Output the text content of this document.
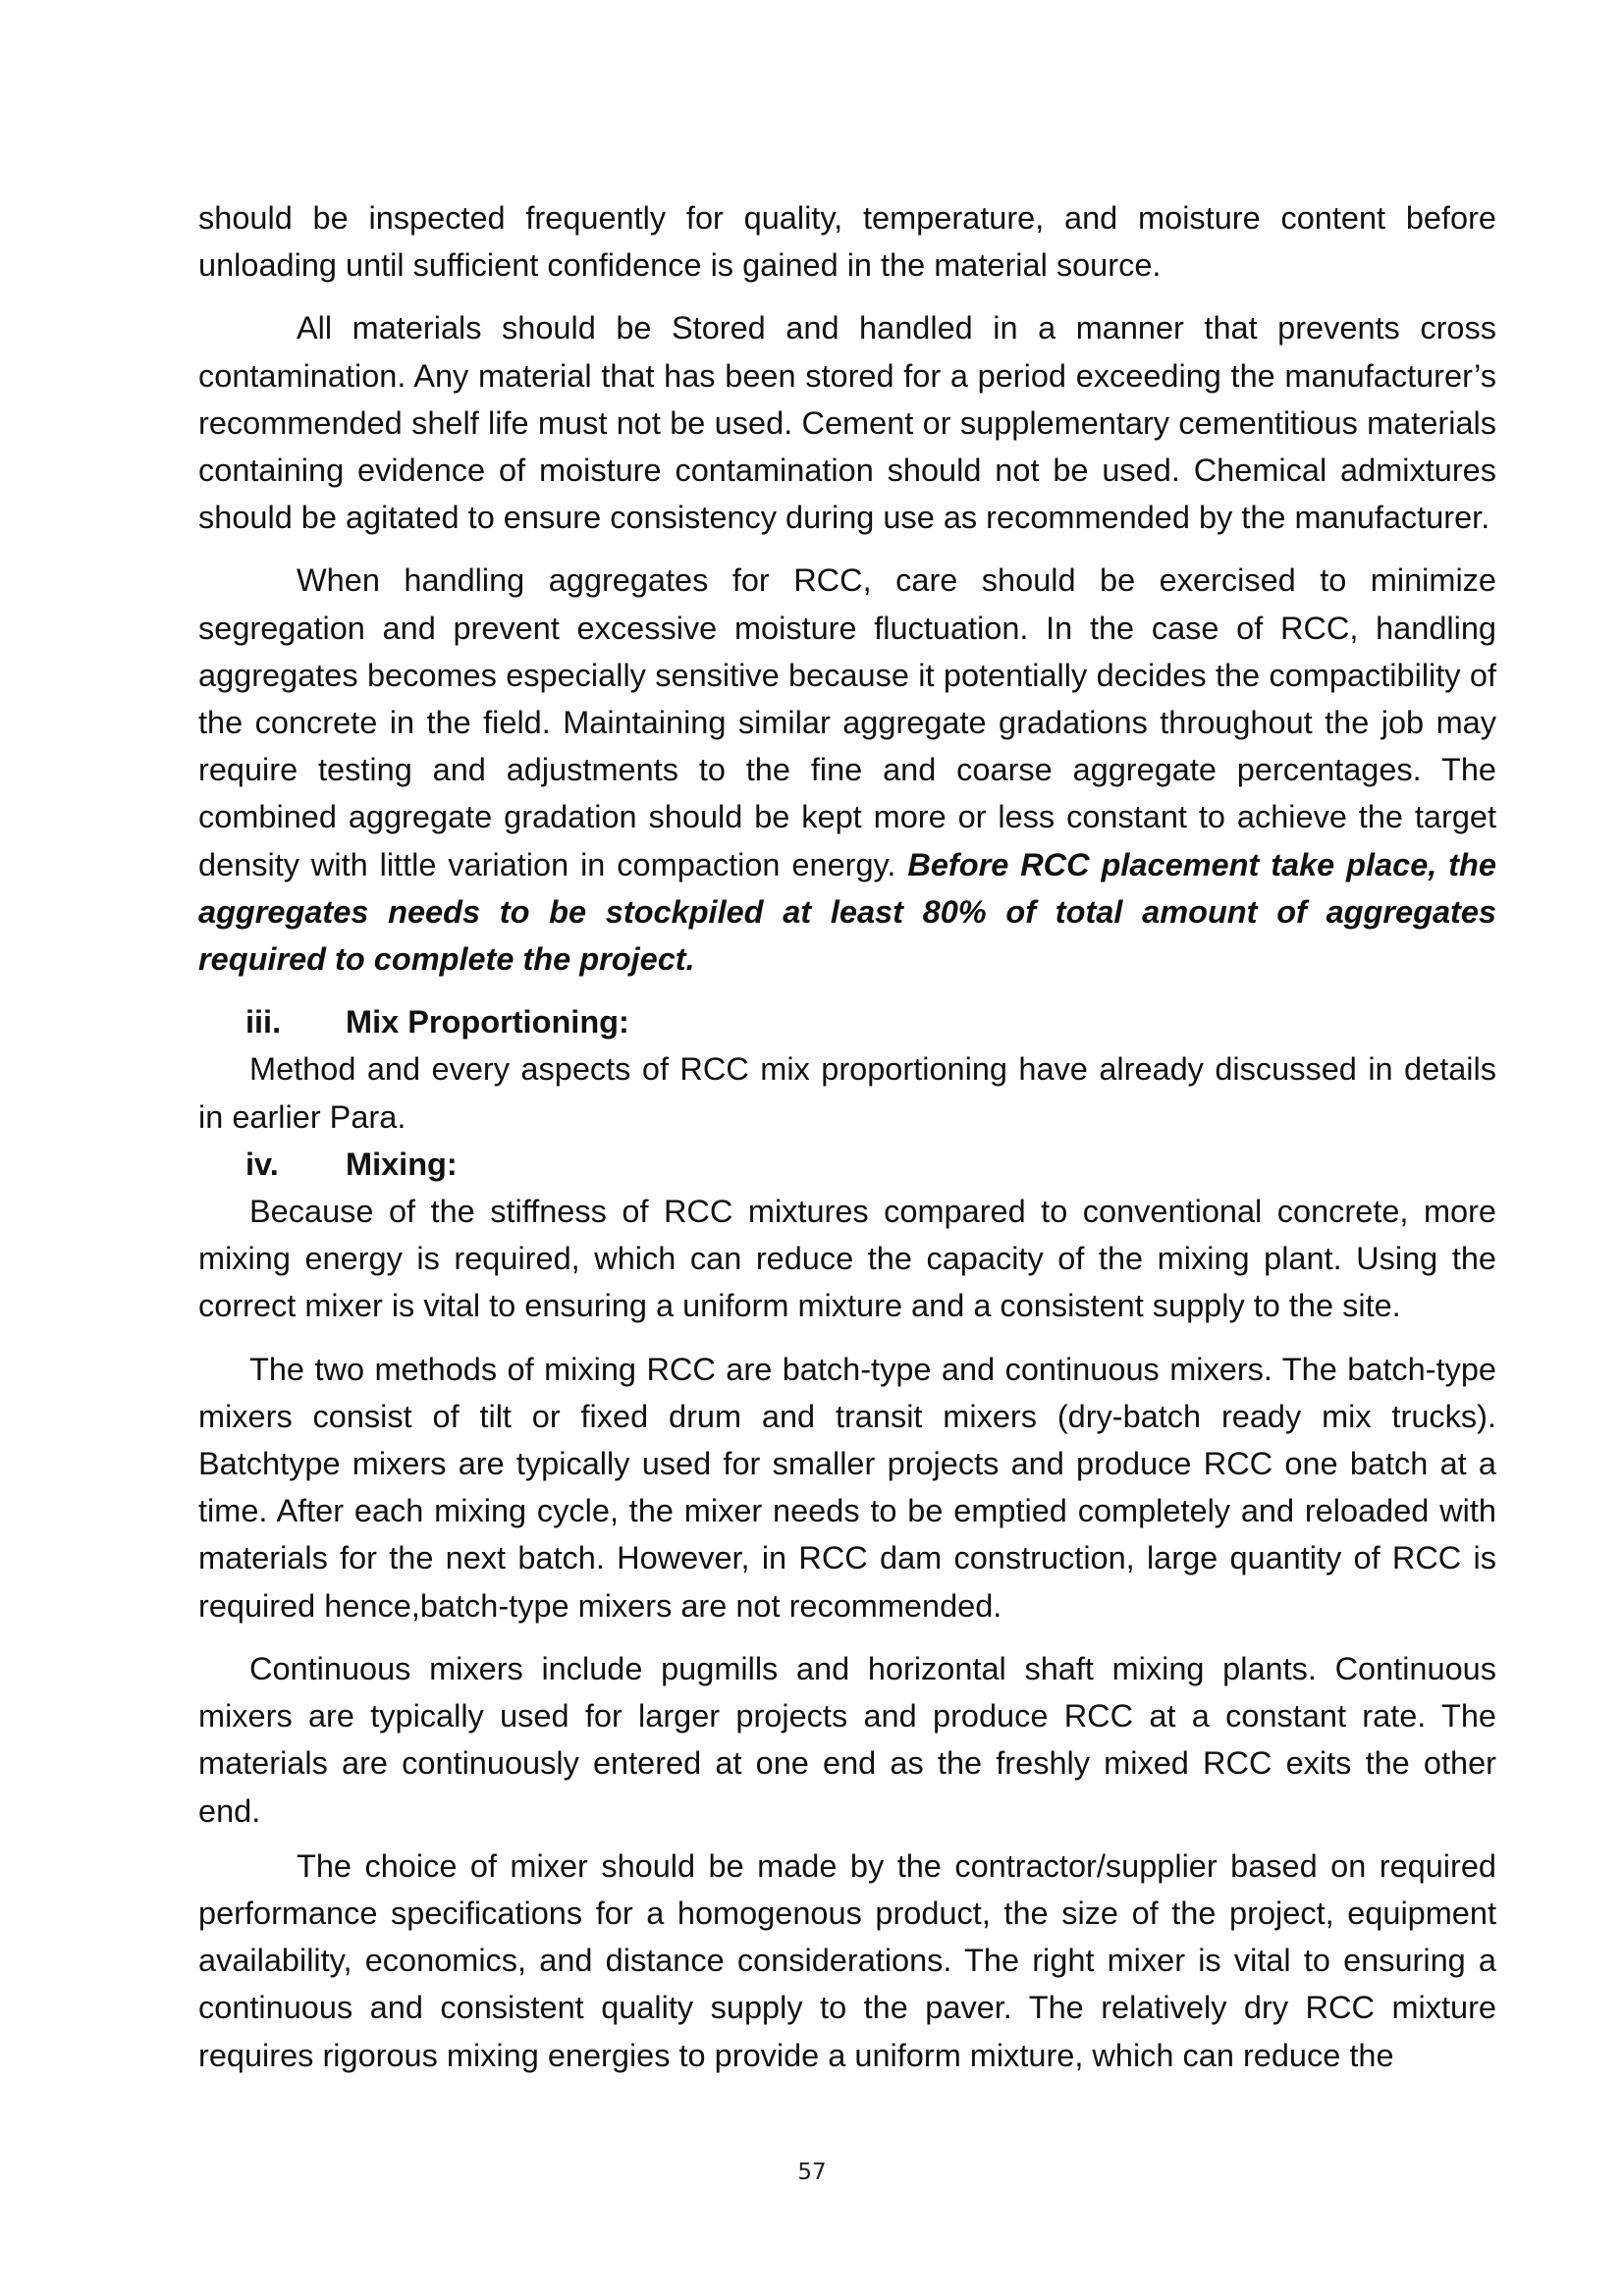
should be inspected frequently for quality, temperature, and moisture content before unloading until sufficient confidence is gained in the material source.

All materials should be Stored and handled in a manner that prevents cross contamination. Any material that has been stored for a period exceeding the manufacturer’s recommended shelf life must not be used. Cement or supplementary cementitious materials containing evidence of moisture contamination should not be used. Chemical admixtures should be agitated to ensure consistency during use as recommended by the manufacturer.

When handling aggregates for RCC, care should be exercised to minimize segregation and prevent excessive moisture fluctuation. In the case of RCC, handling aggregates becomes especially sensitive because it potentially decides the compactibility of the concrete in the field. Maintaining similar aggregate gradations throughout the job may require testing and adjustments to the fine and coarse aggregate percentages. The combined aggregate gradation should be kept more or less constant to achieve the target density with little variation in compaction energy. Before RCC placement take place, the aggregates needs to be stockpiled at least 80% of total amount of aggregates required to complete the project.

iii.	Mix Proportioning:

Method and every aspects of RCC mix proportioning have already discussed in details in earlier Para.

iv.	Mixing:

Because of the stiffness of RCC mixtures compared to conventional concrete, more mixing energy is required, which can reduce the capacity of the mixing plant. Using the correct mixer is vital to ensuring a uniform mixture and a consistent supply to the site.

The two methods of mixing RCC are batch-type and continuous mixers. The batch-type mixers consist of tilt or fixed drum and transit mixers (dry-batch ready mix trucks). Batchtype mixers are typically used for smaller projects and produce RCC one batch at a time. After each mixing cycle, the mixer needs to be emptied completely and reloaded with materials for the next batch. However, in RCC dam construction, large quantity of RCC is required hence,batch-type mixers are not recommended.

Continuous mixers include pugmills and horizontal shaft mixing plants. Continuous mixers are typically used for larger projects and produce RCC at a constant rate. The materials are continuously entered at one end as the freshly mixed RCC exits the other end.

The choice of mixer should be made by the contractor/supplier based on required performance specifications for a homogenous product, the size of the project, equipment availability, economics, and distance considerations. The right mixer is vital to ensuring a continuous and consistent quality supply to the paver. The relatively dry RCC mixture requires rigorous mixing energies to provide a uniform mixture, which can reduce the

57
